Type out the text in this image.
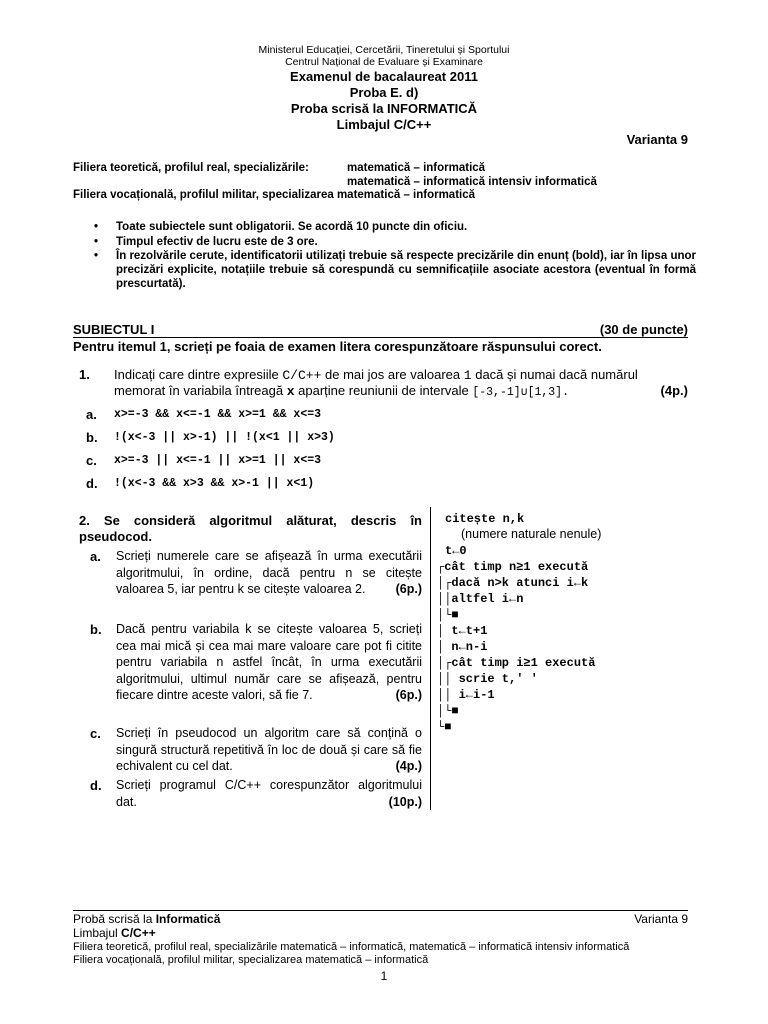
Ministerul Educației, Cercetării, Tineretului și Sportului
Centrul Național de Evaluare și Examinare
Examenul de bacalaureat 2011
Proba E. d)
Proba scrisă la INFORMATICĂ
Limbajul C/C++
Varianta 9
Filiera teoretică, profilul real, specializările:	matematică – informatică
matematică – informatică intensiv informatică
Filiera vocațională, profilul militar, specializarea matematică – informatică
• Toate subiectele sunt obligatorii. Se acordă 10 puncte din oficiu.
• Timpul efectiv de lucru este de 3 ore.
• În rezolvările cerute, identificatorii utilizați trebuie să respecte precizările din enunț (bold), iar în lipsa unor precizări explicite, notațiile trebuie să corespundă cu semnificațiile asociate acestora (eventual în formă prescurtată).
SUBIECTUL I	(30 de puncte)
Pentru itemul 1, scrieți pe foaia de examen litera corespunzătoare răspunsului corect.
1. Indicați care dintre expresiile C/C++ de mai jos are valoarea 1 dacă și numai dacă numărul
memorat în variabila întreagă x aparține reuniunii de intervale [-3,-1]∪[1,3].	(4p.)
a. x>=-3 && x<=-1 && x>=1 && x<=3
b. !(x<-3 || x>-1) || !(x<1 || x>3)
c. x>=-3 || x<=-1 || x>=1 || x<=3
d. !(x<-3 && x>3 && x>-1 || x<1)
2. Se consideră algoritmul alăturat, descris în pseudocod.
a. Scrieți numerele care se afișează în urma executării algoritmului, în ordine, dacă pentru n se citește valoarea 5, iar pentru k se citește valoarea 2. (6p.)
b. Dacă pentru variabila k se citește valoarea 5, scrieți cea mai mică și cea mai mare valoare care pot fi citite pentru variabila n astfel încât, în urma executării algoritmului, ultimul număr care se afișează, pentru fiecare dintre aceste valori, să fie 7.	(6p.)
c. Scrieți în pseudocod un algoritm care să conțină o singură structură repetitivă în loc de două și care să fie echivalent cu cel dat.	(4p.)
d. Scrieți programul C/C++ corespunzător algoritmului dat.	(10p.)
citește n,k
(numere naturale nenule)
t←0
┌cât timp n≥1 execută
│┌dacă n>k atunci i←k
││altfel i←n
│└■
│ t←t+1
│ n←n-i
│┌cât timp i≥1 execută
││ scrie t,' '
││ i←i-1
│└■
└■
Probă scrisă la Informatică	Varianta 9
Limbajul C/C++
Filiera teoretică, profilul real, specializările matematică – informatică, matematică – informatică intensiv informatică
Filiera vocațională, profilul militar, specializarea matematică – informatică
1
